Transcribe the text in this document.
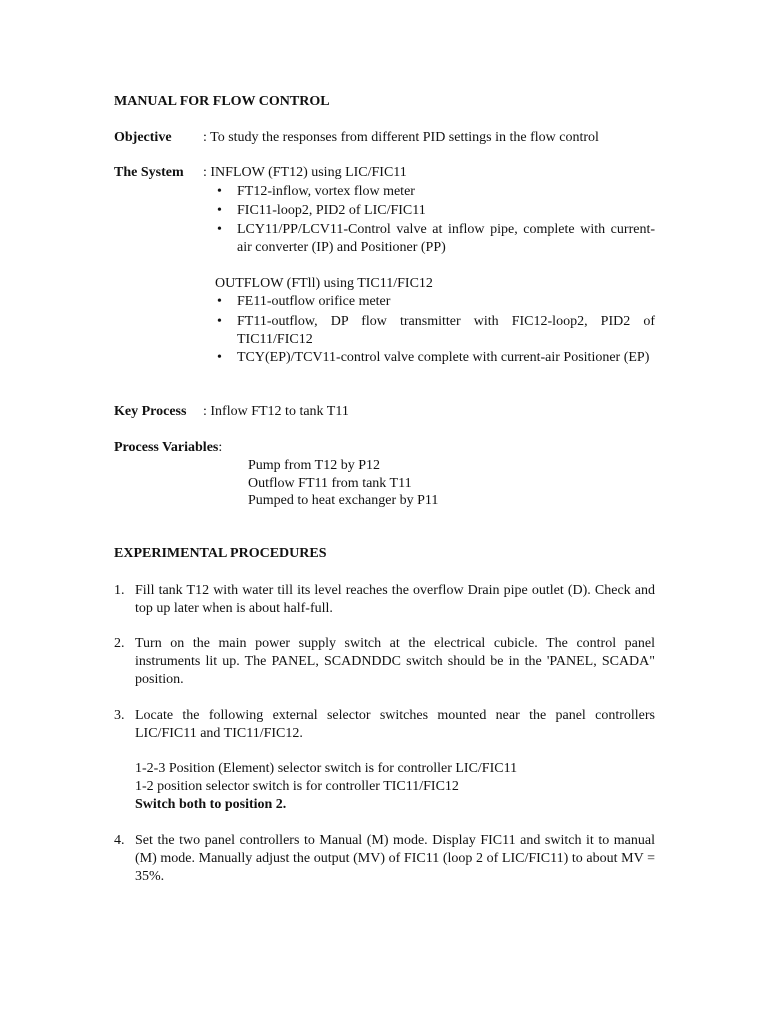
MANUAL FOR FLOW CONTROL
Objective : To study the responses from different PID settings in the flow control
The System : INFLOW (FT12) using LIC/FIC11
• FT12-inflow, vortex flow meter
• FIC11-loop2, PID2 of LIC/FIC11
• LCY11/PP/LCV11-Control valve at inflow pipe, complete with current-air converter (IP) and Positioner (PP)
OUTFLOW (FTll) using TIC11/FIC12
• FE11-outflow orifice meter
• FT11-outflow, DP flow transmitter with FIC12-loop2, PID2 of TIC11/FIC12
• TCY(EP)/TCV11-control valve complete with current-air Positioner (EP)
Key Process : Inflow FT12 to tank T11
Process Variables:
Pump from T12 by P12
Outflow FT11 from tank T11
Pumped to heat exchanger by P11
EXPERIMENTAL PROCEDURES
1. Fill tank T12 with water till its level reaches the overflow Drain pipe outlet (D). Check and top up later when is about half-full.
2. Turn on the main power supply switch at the electrical cubicle. The control panel instruments lit up. The PANEL, SCADNDDC switch should be in the 'PANEL, SCADA" position.
3. Locate the following external selector switches mounted near the panel controllers LIC/FIC11 and TIC11/FIC12.
1-2-3 Position (Element) selector switch is for controller LIC/FIC11
1-2 position selector switch is for controller TIC11/FIC12
Switch both to position 2.
4. Set the two panel controllers to Manual (M) mode. Display FIC11 and switch it to manual (M) mode. Manually adjust the output (MV) of FIC11 (loop 2 of LIC/FIC11) to about MV = 35%.
